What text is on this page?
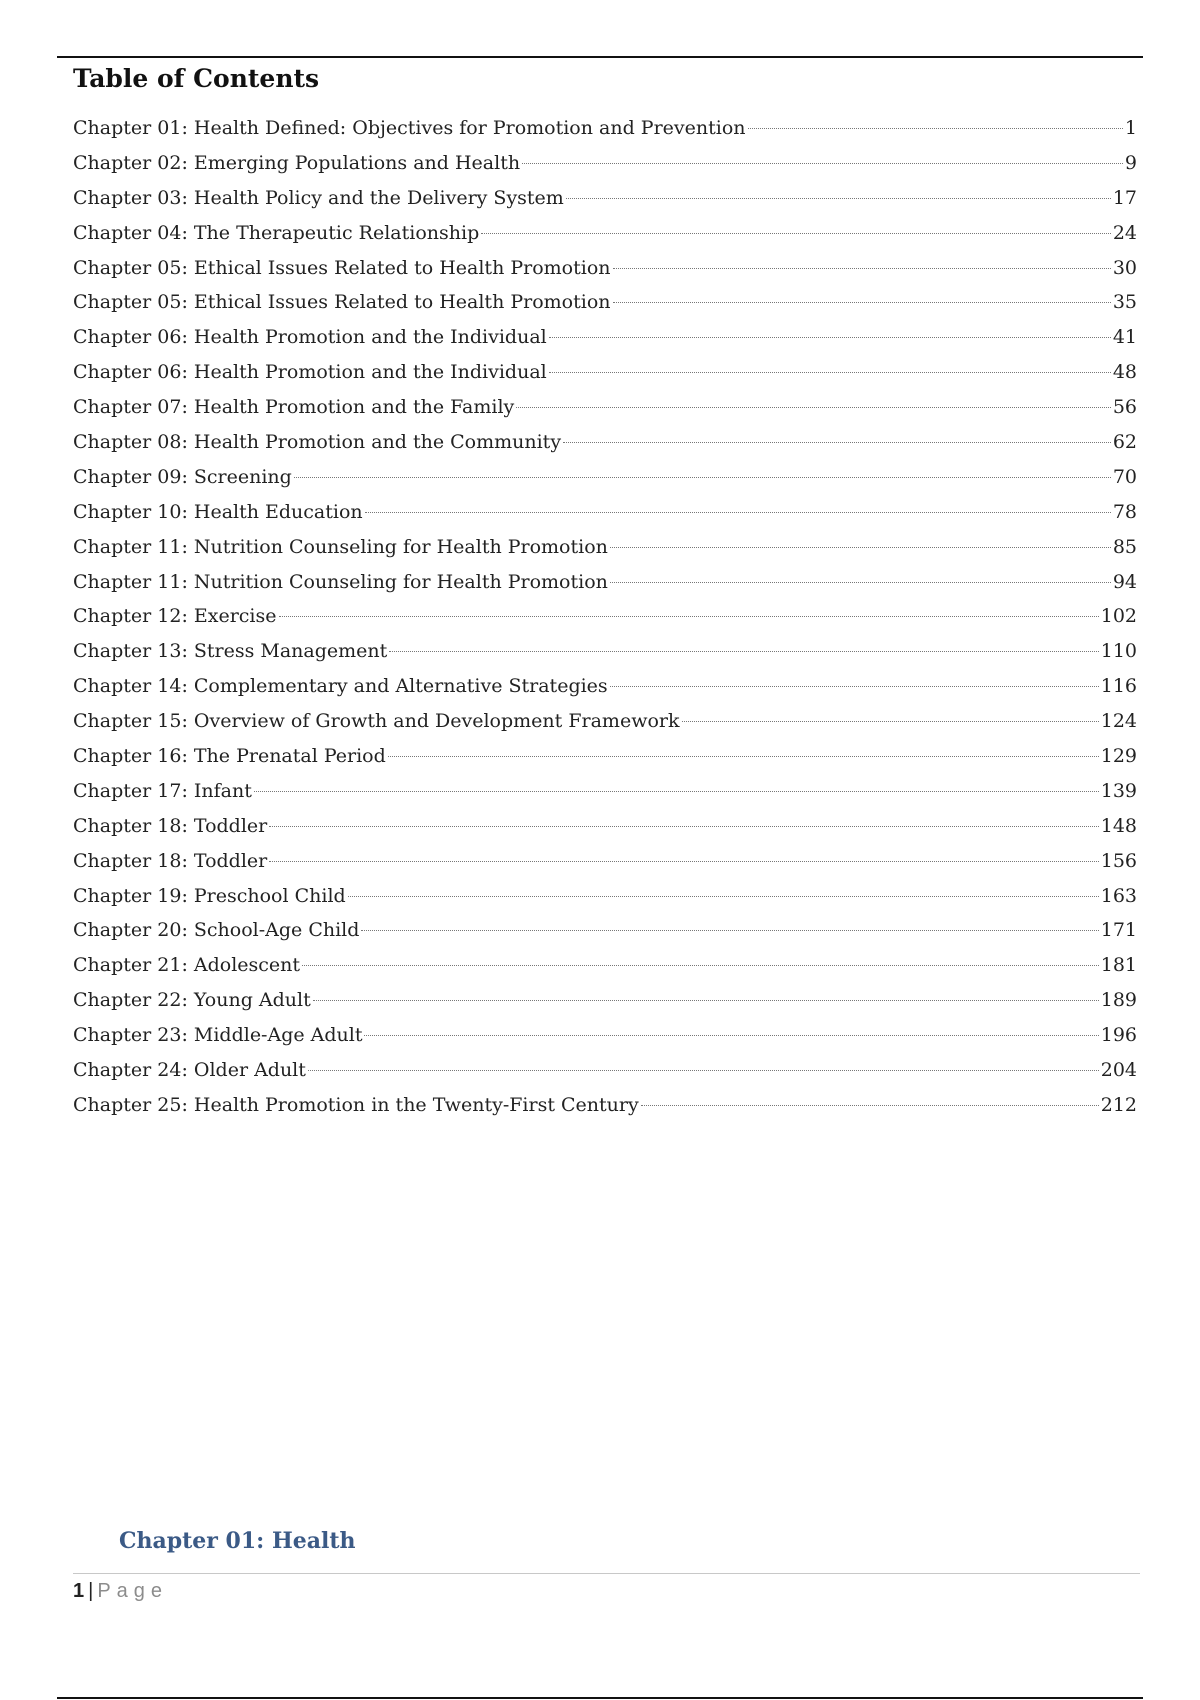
Table of Contents
Chapter 01: Health Defined: Objectives for Promotion and Prevention	1
Chapter 02: Emerging Populations and Health	9
Chapter 03: Health Policy and the Delivery System	17
Chapter 04: The Therapeutic Relationship	24
Chapter 05: Ethical Issues Related to Health Promotion	30
Chapter 05: Ethical Issues Related to Health Promotion	35
Chapter 06: Health Promotion and the Individual	41
Chapter 06: Health Promotion and the Individual	48
Chapter 07: Health Promotion and the Family	56
Chapter 08: Health Promotion and the Community	62
Chapter 09: Screening	70
Chapter 10: Health Education	78
Chapter 11: Nutrition Counseling for Health Promotion	85
Chapter 11: Nutrition Counseling for Health Promotion	94
Chapter 12: Exercise	102
Chapter 13: Stress Management	110
Chapter 14: Complementary and Alternative Strategies	116
Chapter 15: Overview of Growth and Development Framework	124
Chapter 16: The Prenatal Period	129
Chapter 17: Infant	139
Chapter 18: Toddler	148
Chapter 18: Toddler	156
Chapter 19: Preschool Child	163
Chapter 20: School-Age Child	171
Chapter 21: Adolescent	181
Chapter 22: Young Adult	189
Chapter 23: Middle-Age Adult	196
Chapter 24: Older Adult	204
Chapter 25: Health Promotion in the Twenty-First Century	212
Chapter 01: Health
1 | Page
